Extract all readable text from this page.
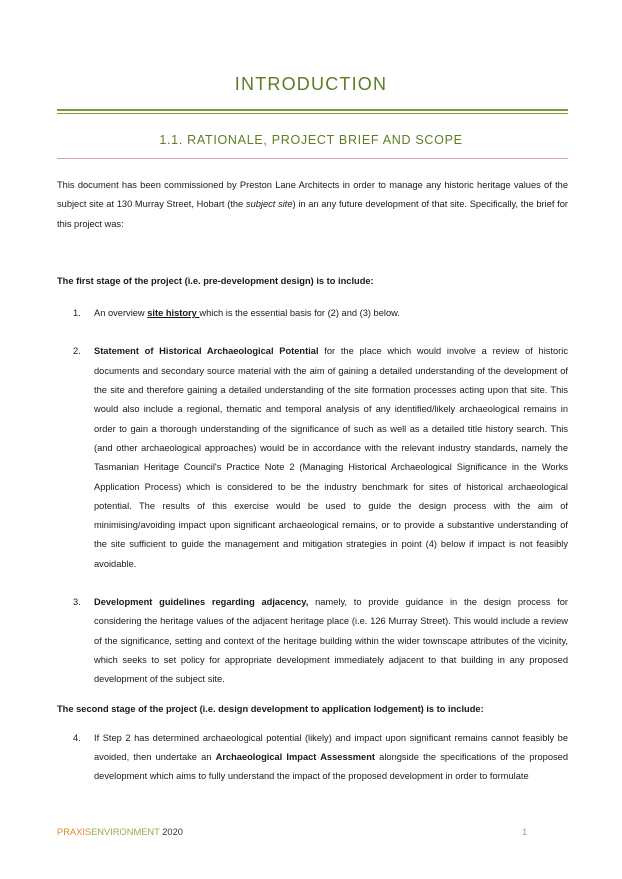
INTRODUCTION
1.1. RATIONALE, PROJECT BRIEF AND SCOPE

This document has been commissioned by Preston Lane Architects in order to manage any historic heritage values of the subject site at 130 Murray Street, Hobart (the subject site) in an any future development of that site. Specifically, the brief for this project was:

The first stage of the project (i.e. pre-development design) is to include:

1. An overview site history which is the essential basis for (2) and (3) below.
2. Statement of Historical Archaeological Potential for the place which would involve a review of historic documents and secondary source material with the aim of gaining a detailed understanding of the development of the site and therefore gaining a detailed understanding of the site formation processes acting upon that site. This would also include a regional, thematic and temporal analysis of any identified/likely archaeological remains in order to gain a thorough understanding of the significance of such as well as a detailed title history search. This (and other archaeological approaches) would be in accordance with the relevant industry standards, namely the Tasmanian Heritage Council's Practice Note 2 (Managing Historical Archaeological Significance in the Works Application Process) which is considered to be the industry benchmark for sites of historical archaeological potential. The results of this exercise would be used to guide the design process with the aim of minimising/avoiding impact upon significant archaeological remains, or to provide a substantive understanding of the site sufficient to guide the management and mitigation strategies in point (4) below if impact is not feasibly avoidable.
3. Development guidelines regarding adjacency, namely, to provide guidance in the design process for considering the heritage values of the adjacent heritage place (i.e. 126 Murray Street). This would include a review of the significance, setting and context of the heritage building within the wider townscape attributes of the vicinity, which seeks to set policy for appropriate development immediately adjacent to that building in any proposed development of the subject site.

The second stage of the project (i.e. design development to application lodgement) is to include:

4. If Step 2 has determined archaeological potential (likely) and impact upon significant remains cannot feasibly be avoided, then undertake an Archaeological Impact Assessment alongside the specifications of the proposed development which aims to fully understand the impact of the proposed development in order to formulate
PRAXISENVIRONMENT 2020	1
